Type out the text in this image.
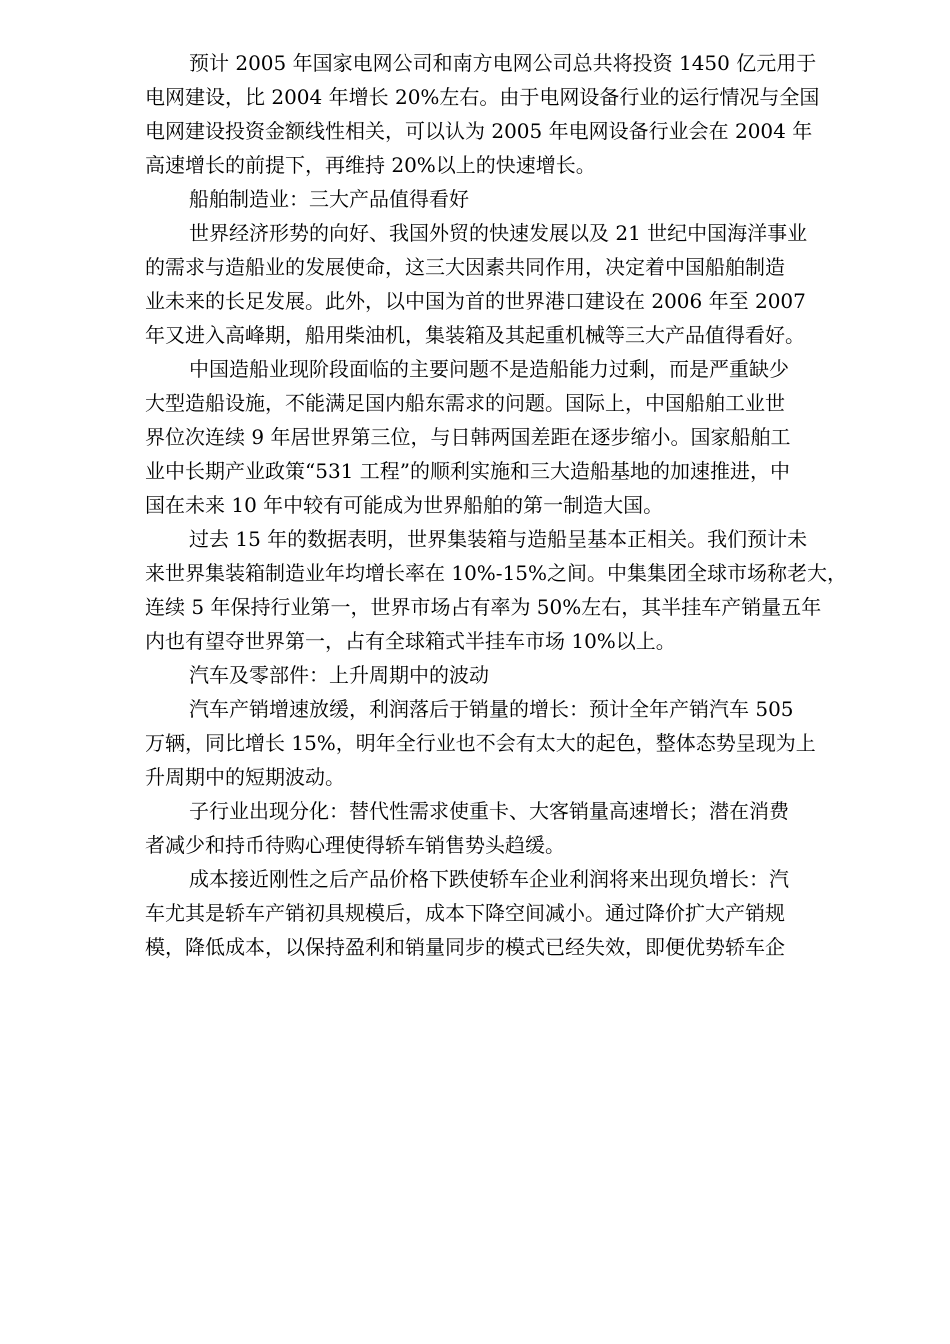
预计 2005 年国家电网公司和南方电网公司总共将投资 1450 亿元用于
电网建设，比 2004 年增长 20%左右。由于电网设备行业的运行情况与全国
电网建设投资金额线性相关，可以认为 2005 年电网设备行业会在 2004 年
高速增长的前提下，再维持 20%以上的快速增长。
船舶制造业：三大产品值得看好
世界经济形势的向好、我国外贸的快速发展以及 21 世纪中国海洋事业
的需求与造船业的发展使命，这三大因素共同作用，决定着中国船舶制造
业未来的长足发展。此外，以中国为首的世界港口建设在 2006 年至 2007
年又进入高峰期，船用柴油机，集装箱及其起重机械等三大产品值得看好。
中国造船业现阶段面临的主要问题不是造船能力过剩，而是严重缺少
大型造船设施，不能满足国内船东需求的问题。国际上，中国船舶工业世
界位次连续 9 年居世界第三位，与日韩两国差距在逐步缩小。国家船舶工
业中长期产业政策“531 工程”的顺利实施和三大造船基地的加速推进，中
国在未来 10 年中较有可能成为世界船舶的第一制造大国。
过去 15 年的数据表明，世界集装箱与造船呈基本正相关。我们预计未
来世界集装箱制造业年均增长率在 10%-15%之间。中集集团全球市场称老大，
连续 5 年保持行业第一，世界市场占有率为 50%左右，其半挂车产销量五年
内也有望夺世界第一，占有全球箱式半挂车市场 10%以上。
汽车及零部件：上升周期中的波动
汽车产销增速放缓，利润落后于销量的增长：预计全年产销汽车 505
万辆，同比增长 15%，明年全行业也不会有太大的起色，整体态势呈现为上
升周期中的短期波动。
子行业出现分化：替代性需求使重卡、大客销量高速增长；潜在消费
者减少和持币待购心理使得轿车销售势头趋缓。
成本接近刚性之后产品价格下跌使轿车企业利润将来出现负增长：汽
车尤其是轿车产销初具规模后，成本下降空间减小。通过降价扩大产销规
模，降低成本，以保持盈利和销量同步的模式已经失效，即便优势轿车企
